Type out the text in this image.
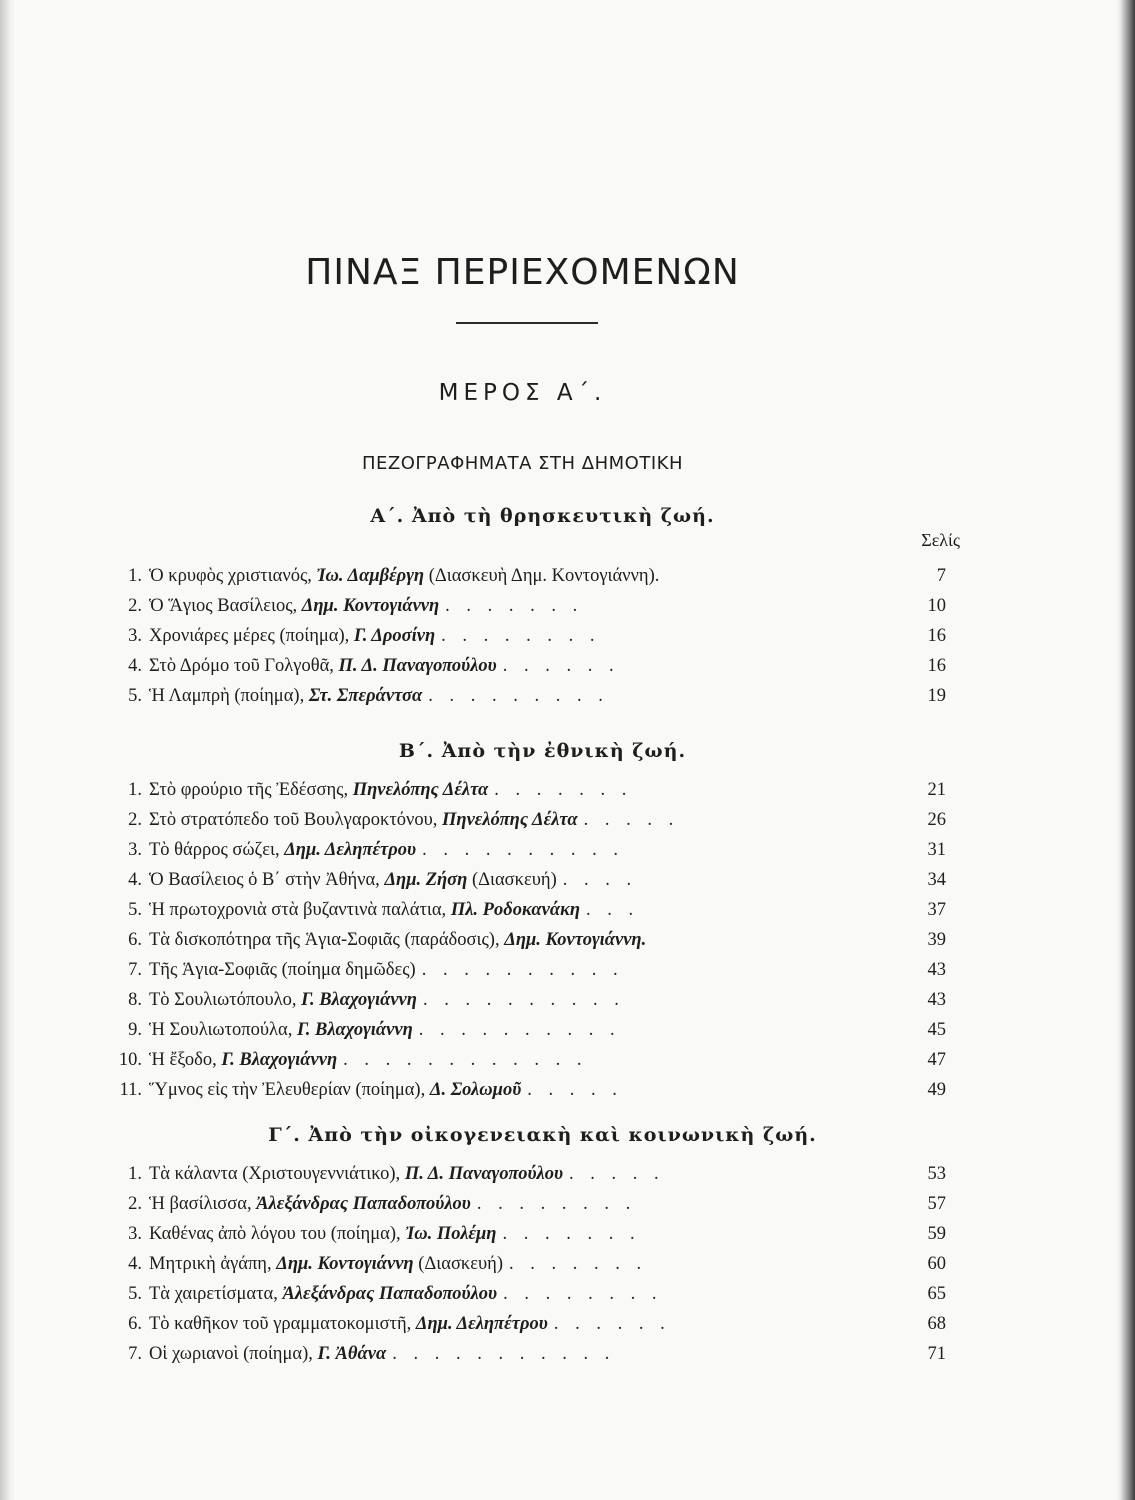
ΠΙΝΑΞ ΠΕΡΙΕΧΟΜΕΝΩΝ
ΜΕΡΟΣ Α΄.
ΠΕΖΟΓΡΑΦΗΜΑΤΑ ΣΤΗ ΔΗΜΟΤΙΚΗ
Α΄. Ἀπὸ τὴ θρησκευτικὴ ζωή.
Σελίς
1. Ὁ κρυφὸς χριστιανός, Ἰω. Δαμβέργη (Διασκευὴ Δημ. Κοντογιάννη).	7
2. Ὁ Ἅγιος Βασίλειος, Δημ. Κοντογιάννη . . . . . . .	10
3. Χρονιάρες μέρες (ποίημα), Γ. Δροσίνη . . . . . . . .	16
4. Στὸ Δρόμο τοῦ Γολγοθᾶ, Π. Δ. Παναγοπούλου . . . . . .	16
5. Ἡ Λαμπρὴ (ποίημα), Στ. Σπεράντσα . . . . . . . . .	19
Β΄. Ἀπὸ τὴν ἐθνικὴ ζωή.
1. Στὸ φρούριο τῆς Ἐδέσσης, Πηνελόπης Δέλτα . . . . . . .	21
2. Στὸ στρατόπεδο τοῦ Βουλγαροκτόνου, Πηνελόπης Δέλτα . . . . .	26
3. Τὸ θάρρος σώζει, Δημ. Δεληπέτρου . . . . . . . . . .	31
4. Ὁ Βασίλειος ὁ Β΄ στὴν Ἀθήνα, Δημ. Ζήση (Διασκευή) . . . .	34
5. Ἡ πρωτοχρονιὰ στὰ βυζαντινὰ παλάτια, Πλ. Ροδοκανάκη . . .	37
6. Τὰ δισκοπότηρα τῆς Ἁγια-Σοφιᾶς (παράδοσις), Δημ. Κοντογιάννη.	39
7. Τῆς Ἁγια-Σοφιᾶς (ποίημα δημῶδες) . . . . . . . . . .	43
8. Τὸ Σουλιωτόπουλο, Γ. Βλαχογιάννη . . . . . . . . . .	43
9. Ἡ Σουλιωτοπούλα, Γ. Βλαχογιάννη . . . . . . . . . .	45
10. Ἡ ἔξοδο, Γ. Βλαχογιάννη . . . . . . . . . . . .	47
11. Ὕμνος εἰς τὴν Ἐλευθερίαν (ποίημα), Δ. Σολωμοῦ . . . . .	49
Γ΄. Ἀπὸ τὴν οἰκογενειακὴ καὶ κοινωνικὴ ζωή.
1. Τὰ κάλαντα (Χριστουγεννιάτικο), Π. Δ. Παναγοπούλου . . . . .	53
2. Ἡ βασίλισσα, Ἀλεξάνδρας Παπαδοπούλου . . . . . . . .	57
3. Καθένας ἀπὸ λόγου του (ποίημα), Ἰω. Πολέμη . . . . . . .	59
4. Μητρικὴ ἀγάπη, Δημ. Κοντογιάννη (Διασκευή) . . . . . . .	60
5. Τὰ χαιρετίσματα, Ἀλεξάνδρας Παπαδοπούλου . . . . . . . .	65
6. Τὸ καθῆκον τοῦ γραμματοκομιστῆ, Δημ. Δεληπέτρου . . . . . .	68
7. Οἱ χωριανοὶ (ποίημα), Γ. Ἀθάνα . . . . . . . . . . .	71
